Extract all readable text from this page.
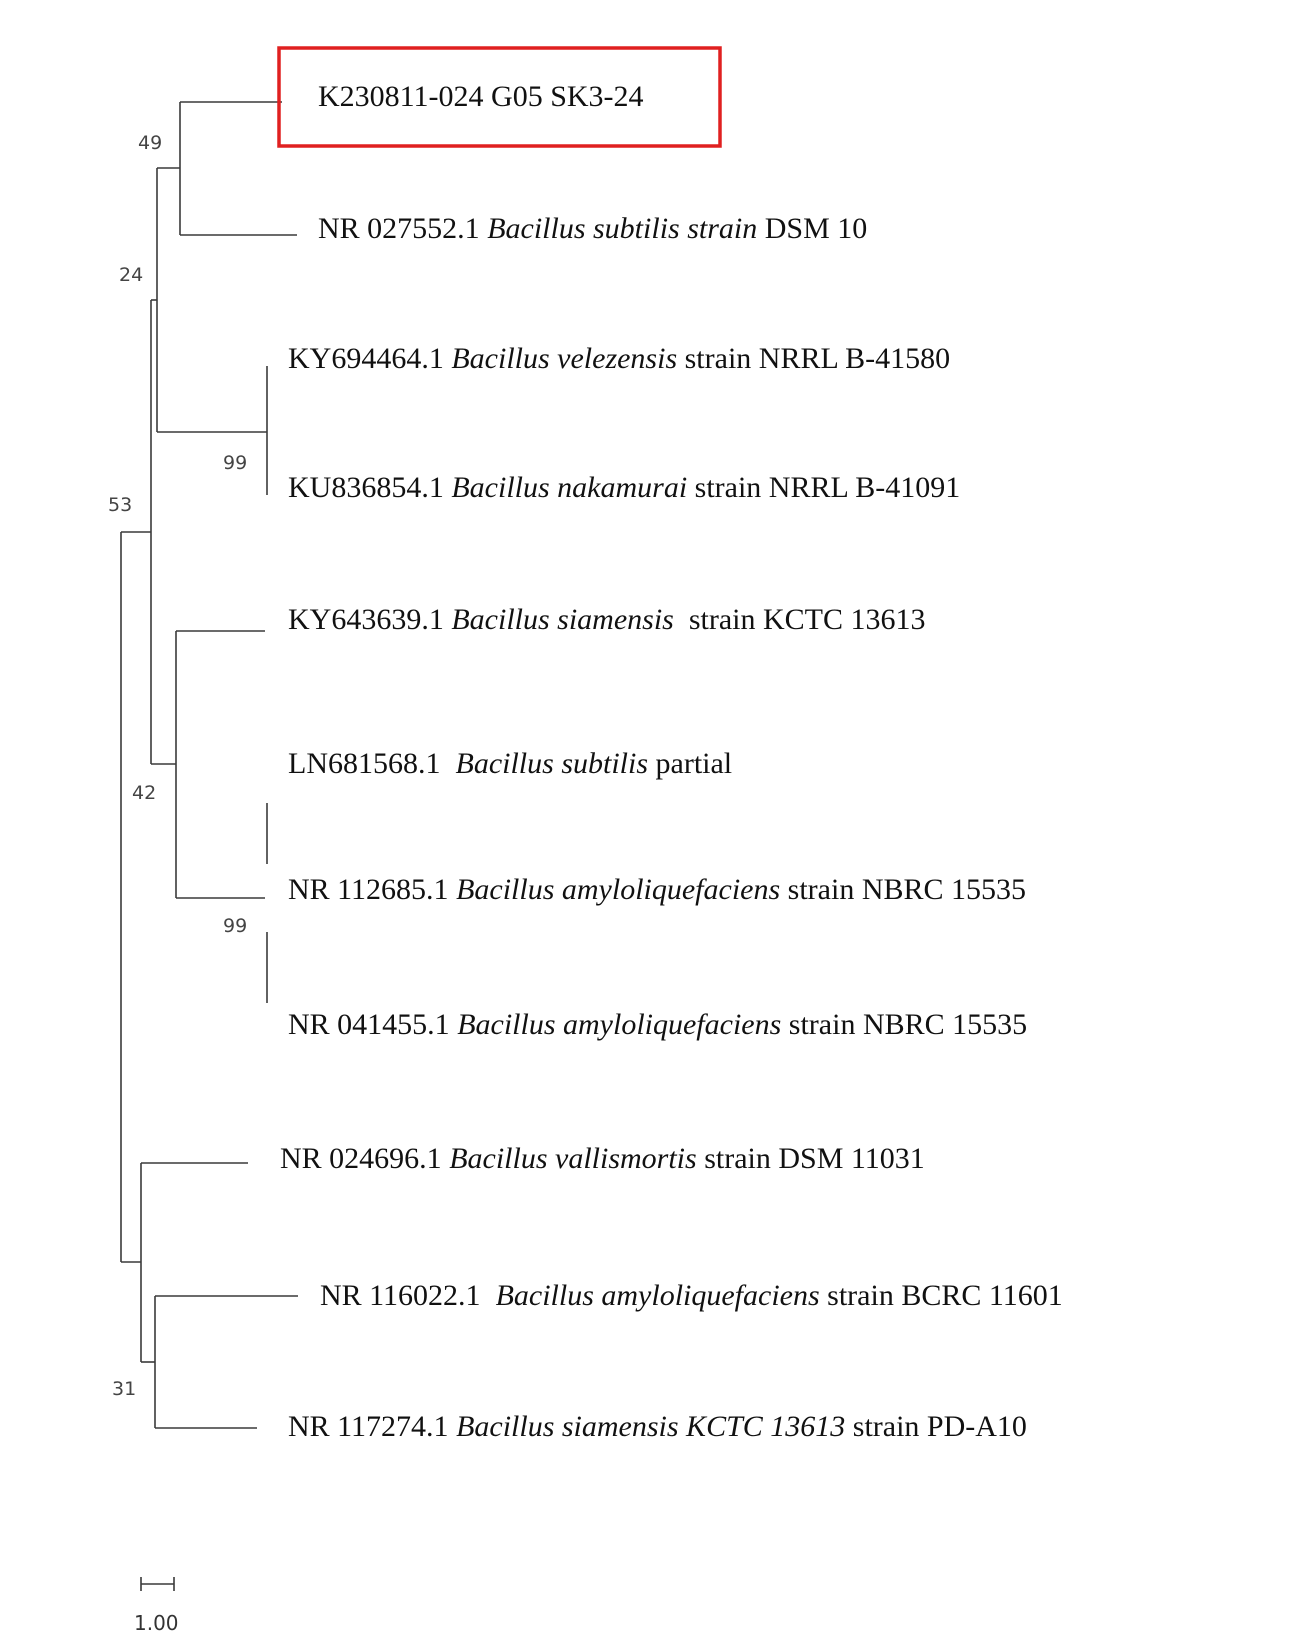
K230811-024 G05 SK3-24
NR 027552.1 Bacillus subtilis strain DSM 10
KY694464.1 Bacillus velezensis strain NRRL B-41580
KU836854.1 Bacillus nakamurai strain NRRL B-41091
KY643639.1 Bacillus siamensis  strain KCTC 13613
LN681568.1  Bacillus subtilis partial
NR 112685.1 Bacillus amyloliquefaciens strain NBRC 15535
NR 041455.1 Bacillus amyloliquefaciens strain NBRC 15535
NR 024696.1 Bacillus vallismortis strain DSM 11031
NR 116022.1  Bacillus amyloliquefaciens strain BCRC 11601
NR 117274.1 Bacillus siamensis KCTC 13613 strain PD-A10
49
24
99
53
42
99
31
1.00
